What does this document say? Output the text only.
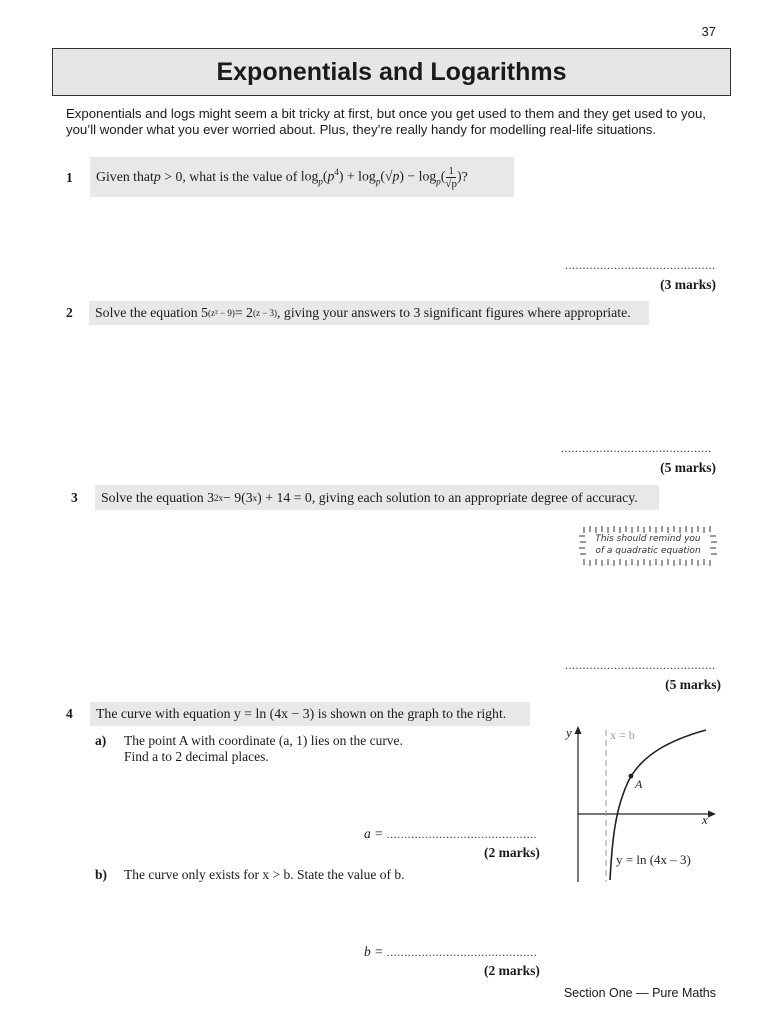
37
Exponentials and Logarithms
Exponentials and logs might seem a bit tricky at first, but once you get used to them and they get used to you, you’ll wonder what you ever worried about. Plus, they’re really handy for modelling real-life situations.
1 Given that p
> 0, what is the value of $\log_p(p^4) + \log_p(√p) - \log_p( \frac{1}{√p}$ ) ?
...........................................
(3 marks)
2 Solve the equation 5 (z² − 9) = 2 (z − 3) , giving your answers to 3 significant figures where appropriate.
...........................................
(5 marks)
3 Solve the equation 3 2x − 9(3 x ) + 14 = 0, giving each solution to an appropriate degree of accuracy.
This should remind you
of a quadratic equation
...........................................
(5 marks)
4 The curve with equation y = ln (4x − 3) is shown on the graph to the right.
a) The point A with coordinate (a, 1) lies on the curve.
Find a to 2 decimal places.
a = ...........................................
(2 marks)
b) The curve only exists for x > b. State the value of b.
b = ...........................................
(2 marks)
y
x
x = b
A
y = ln (4x – 3)
Section One — Pure Maths
